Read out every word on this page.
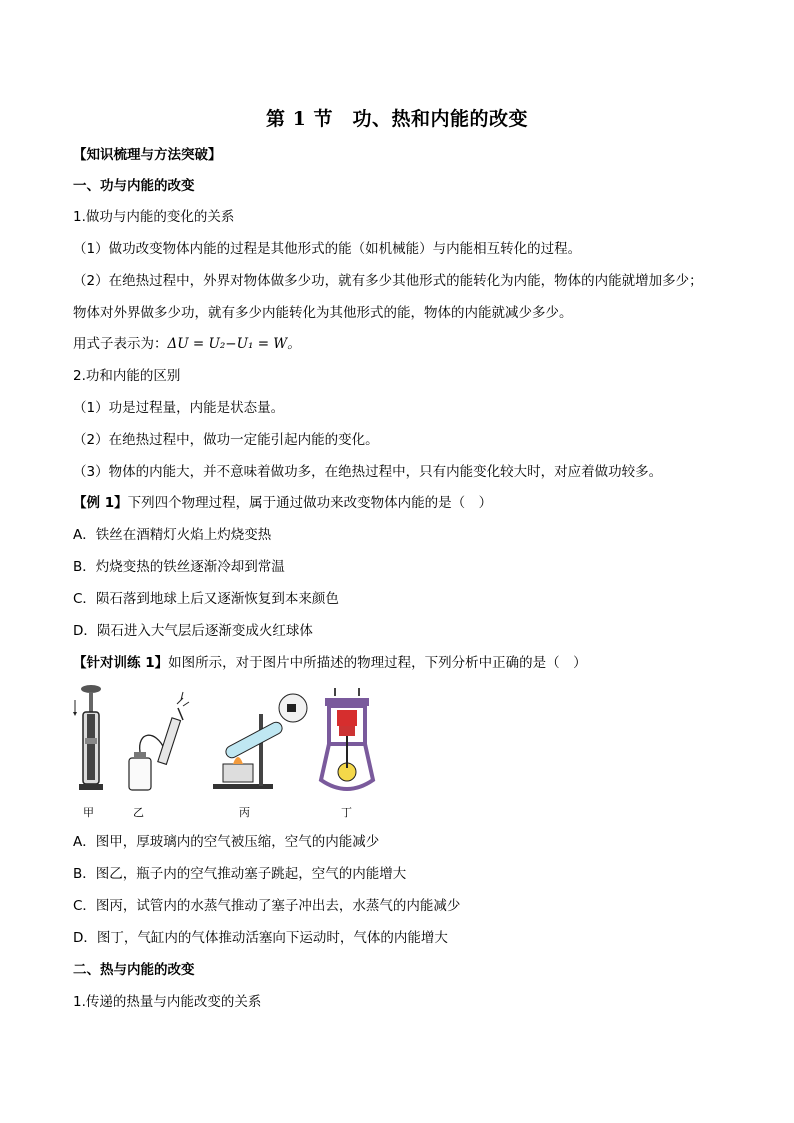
第 1 节　功、热和内能的改变
【知识梳理与方法突破】
一、功与内能的改变
1.做功与内能的变化的关系
（1）做功改变物体内能的过程是其他形式的能（如机械能）与内能相互转化的过程。
（2）在绝热过程中，外界对物体做多少功，就有多少其他形式的能转化为内能，物体的内能就增加多少；
物体对外界做多少功，就有多少内能转化为其他形式的能，物体的内能就减少多少。
用式子表示为：ΔU = U₂−U₁ = W。
2.功和内能的区别
（1）功是过程量，内能是状态量。
（2）在绝热过程中，做功一定能引起内能的变化。
（3）物体的内能大，并不意味着做功多，在绝热过程中，只有内能变化较大时，对应着做功较多。
【例 1】下列四个物理过程，属于通过做功来改变物体内能的是（　）
A．铁丝在酒精灯火焰上灼烧变热
B．灼烧变热的铁丝逐渐冷却到常温
C．陨石落到地球上后又逐渐恢复到本来颜色
D．陨石进入大气层后逐渐变成火红球体
【针对训练 1】如图所示，对于图片中所描述的物理过程，下列分析中正确的是（　）
甲	乙	丙	丁
A．图甲，厚玻璃内的空气被压缩，空气的内能减少
B．图乙，瓶子内的空气推动塞子跳起，空气的内能增大
C．图丙，试管内的水蒸气推动了塞子冲出去，水蒸气的内能减少
D．图丁，气缸内的气体推动活塞向下运动时，气体的内能增大
二、热与内能的改变
1.传递的热量与内能改变的关系
